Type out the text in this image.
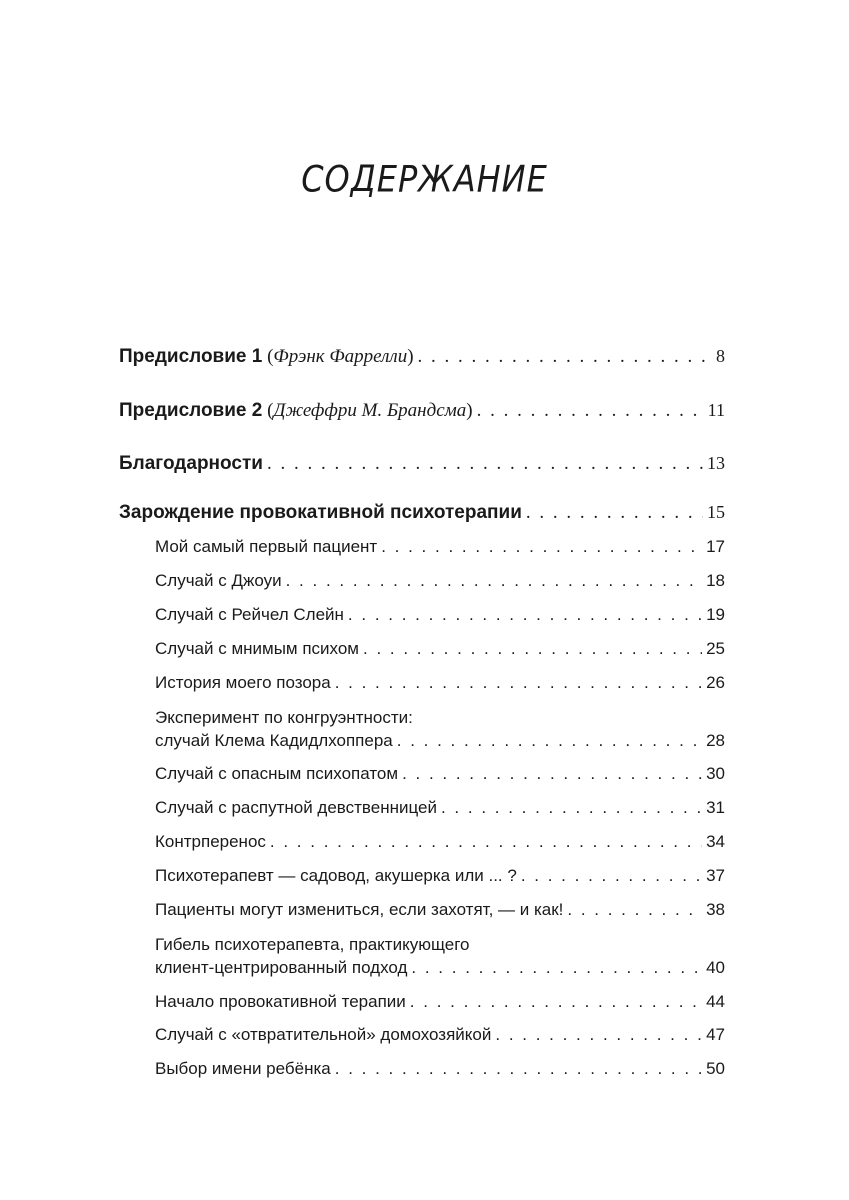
СОДЕРЖАНИЕ
Предисловие 1 ( Фрэнк Фаррелли ) . . .	8
Предисловие 2 ( Джеффри М. Брандсма ) . . .	11
Благодарности . . .	13
Зарождение провокативной психотерапии . . .	15
Мой самый первый пациент . . .	17
Случай с Джоуи . . .	18
Случай с Рейчел Слейн . . .	19
Случай с мнимым психом . . .	25
История моего позора . . .	26
Эксперимент по конгруэнтности:
случай Клема Кадидлхоппера . . .	28
Случай с опасным психопатом . . .	30
Случай с распутной девственницей . . .	31
Контрперенос . . .	34
Психотерапевт — садовод, акушерка или ... ? . . .	37
Пациенты могут измениться, если захотят, — и как! . . .	38
Гибель психотерапевта, практикующего
клиент-центрированный подход . . .	40
Начало провокативной терапии . . .	44
Случай с «отвратительной» домохозяйкой . . .	47
Выбор имени ребёнка . . .	50
